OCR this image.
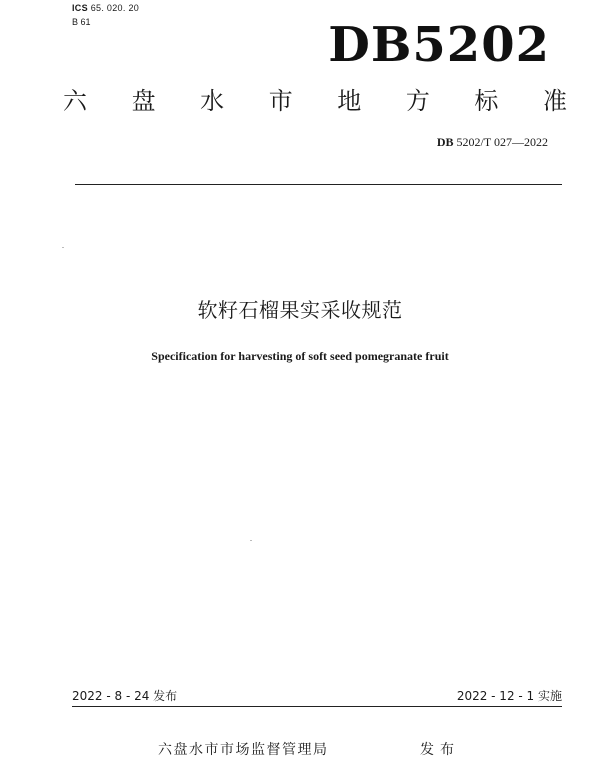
ICS 65. 020. 20
B 61	DB5202
六 盘 水 市 地 方 标 准
DB 5202/T 027—2022
软籽石榴果实采收规范
Specification for harvesting of soft seed pomegranate fruit
2022 - 8 - 24 发布	2022 - 12 - 1 实施
六盘水市市场监督管理局	发布
